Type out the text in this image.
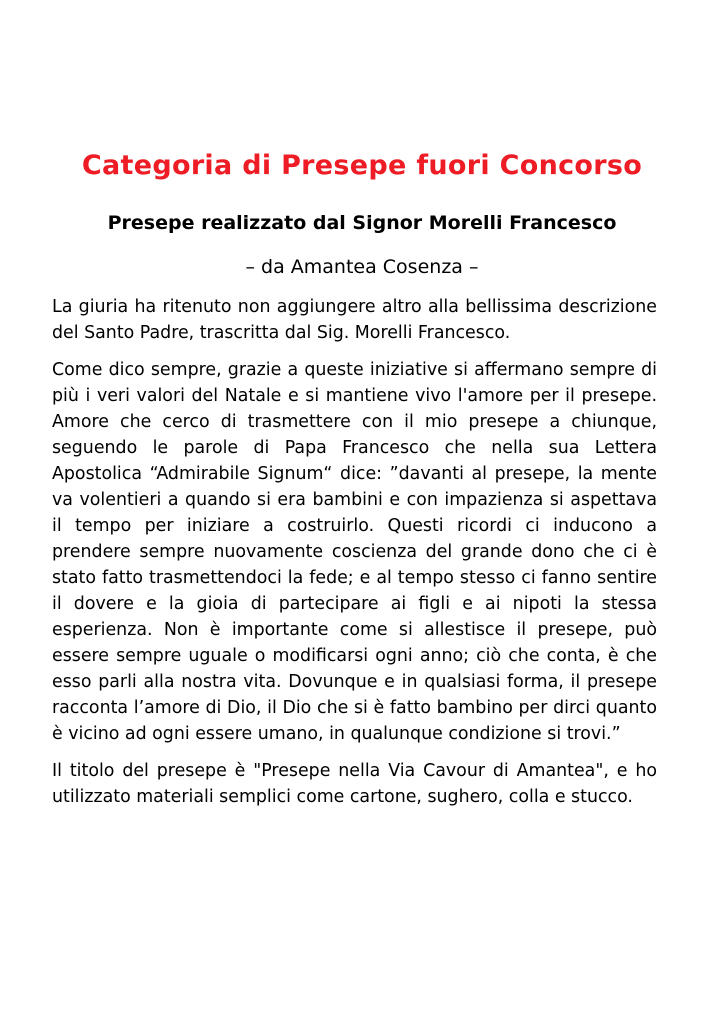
Categoria di Presepe fuori Concorso
Presepe realizzato dal Signor Morelli Francesco
– da Amantea Cosenza –

La giuria ha ritenuto non aggiungere altro alla bellissima descrizione del Santo Padre, trascritta dal Sig. Morelli Francesco.

Come dico sempre, grazie a queste iniziative si affermano sempre di più i veri valori del Natale e si mantiene vivo l'amore per il presepe. Amore che cerco di trasmettere con il mio presepe a chiunque, seguendo le parole di Papa Francesco che nella sua Lettera Apostolica “Admirabile Signum“ dice: ”davanti al presepe, la mente va volentieri a quando si era bambini e con impazienza si aspettava il tempo per iniziare a costruirlo. Questi ricordi ci inducono a prendere sempre nuovamente coscienza del grande dono che ci è stato fatto trasmettendoci la fede; e al tempo stesso ci fanno sentire il dovere e la gioia di partecipare ai figli e ai nipoti la stessa esperienza. Non è importante come si allestisce il presepe, può essere sempre uguale o modificarsi ogni anno; ciò che conta, è che esso parli alla nostra vita. Dovunque e in qualsiasi forma, il presepe racconta l’amore di Dio, il Dio che si è fatto bambino per dirci quanto è vicino ad ogni essere umano, in qualunque condizione si trovi.”

Il titolo del presepe è "Presepe nella Via Cavour di Amantea", e ho utilizzato materiali semplici come cartone, sughero, colla e stucco.
